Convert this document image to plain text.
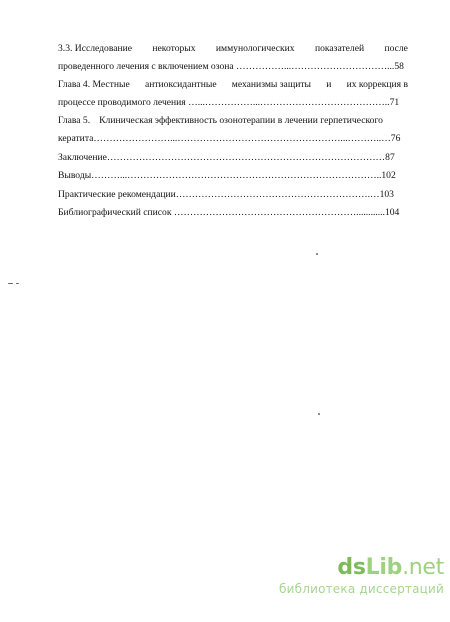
3.3. Исследование некоторых иммунологических показателей после
проведенного лечения с включением озона ……………...…………………………...58
Глава 4. Местные антиоксидантные механизмы защиты и их коррекция в
процессе проводимого лечения …...……………...…………………………………..71
Глава 5. Клиническая эффективность озонотерапии в лечении герпетического
кератита……………………...……………………………………………...………..…76
Заключение……………………………………………………………………………87
Выводы………...……………………………………………………………………..102
Практические рекомендации…………………………………………………….…103
Библиографический список …………………………………………………............104
dsLib.net
библиотека диссертаций
